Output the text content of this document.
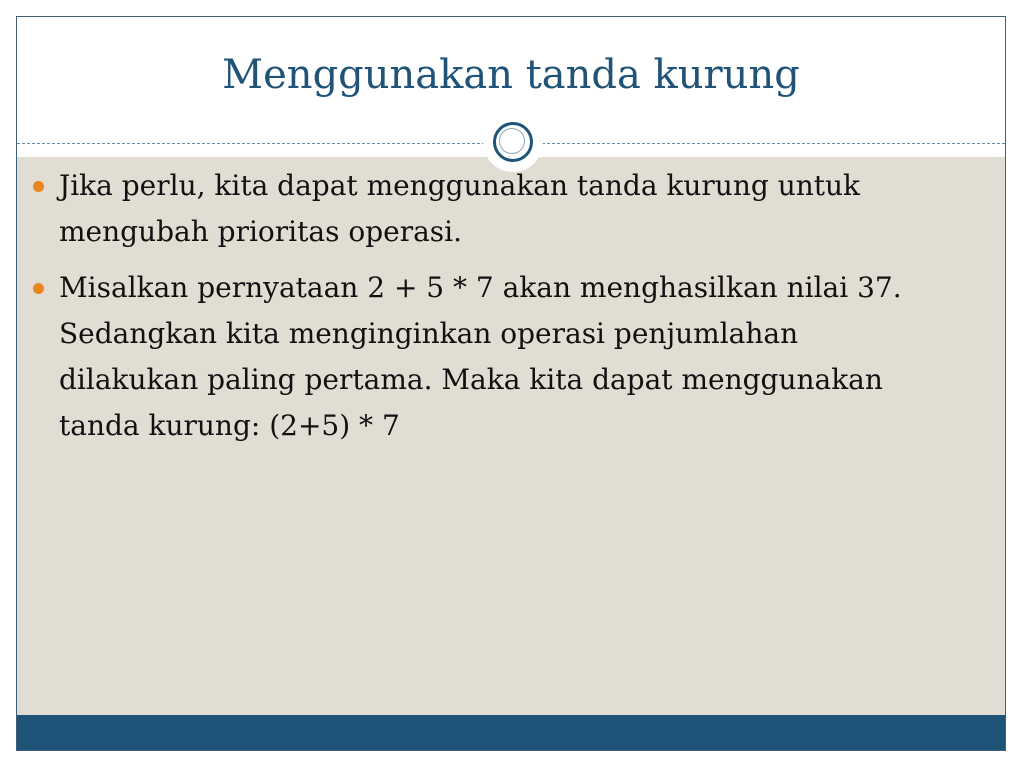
Menggunakan tanda kurung
Jika perlu, kita dapat menggunakan tanda kurung untuk mengubah prioritas operasi.
Misalkan pernyataan 2 + 5 * 7 akan menghasilkan nilai 37. Sedangkan kita menginginkan operasi penjumlahan dilakukan paling pertama. Maka kita dapat menggunakan tanda kurung: (2+5) * 7
